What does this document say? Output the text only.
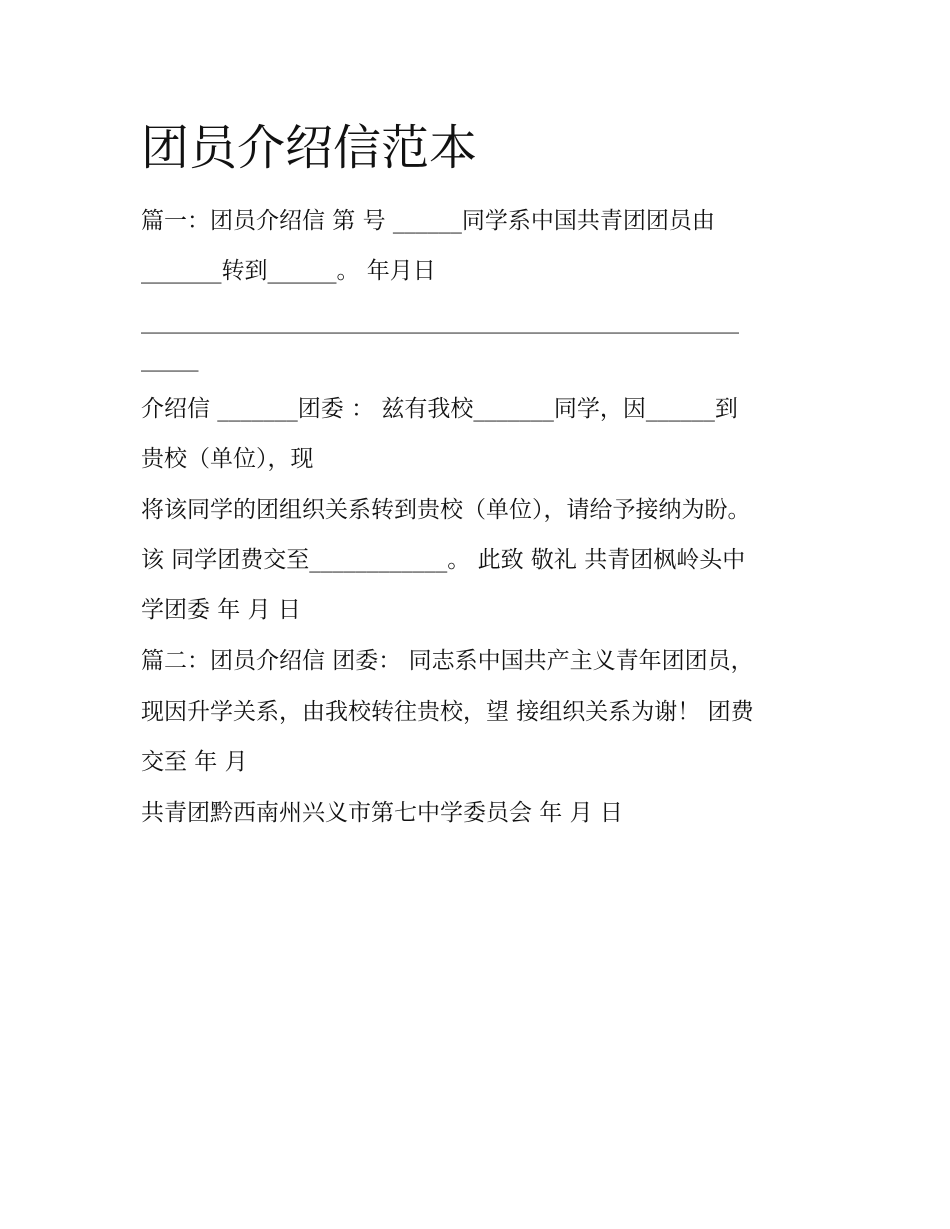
团员介绍信范本

篇一：团员介绍信 第 号 ______同学系中国共青团团员由

_______转到______。 年月日

____________________________________________________

_____

介绍信 _______团委 ： 兹有我校_______同学，因______到

贵校（单位），现

将该同学的团组织关系转到贵校（单位），请给予接纳为盼。

该 同学团费交至____________。 此致 敬礼 共青团枫岭头中

学团委 年 月 日

篇二：团员介绍信 团委： 同志系中国共产主义青年团团员，

现因升学关系，由我校转往贵校，望 接组织关系为谢！ 团费

交至 年 月

共青团黔西南州兴义市第七中学委员会 年 月 日
